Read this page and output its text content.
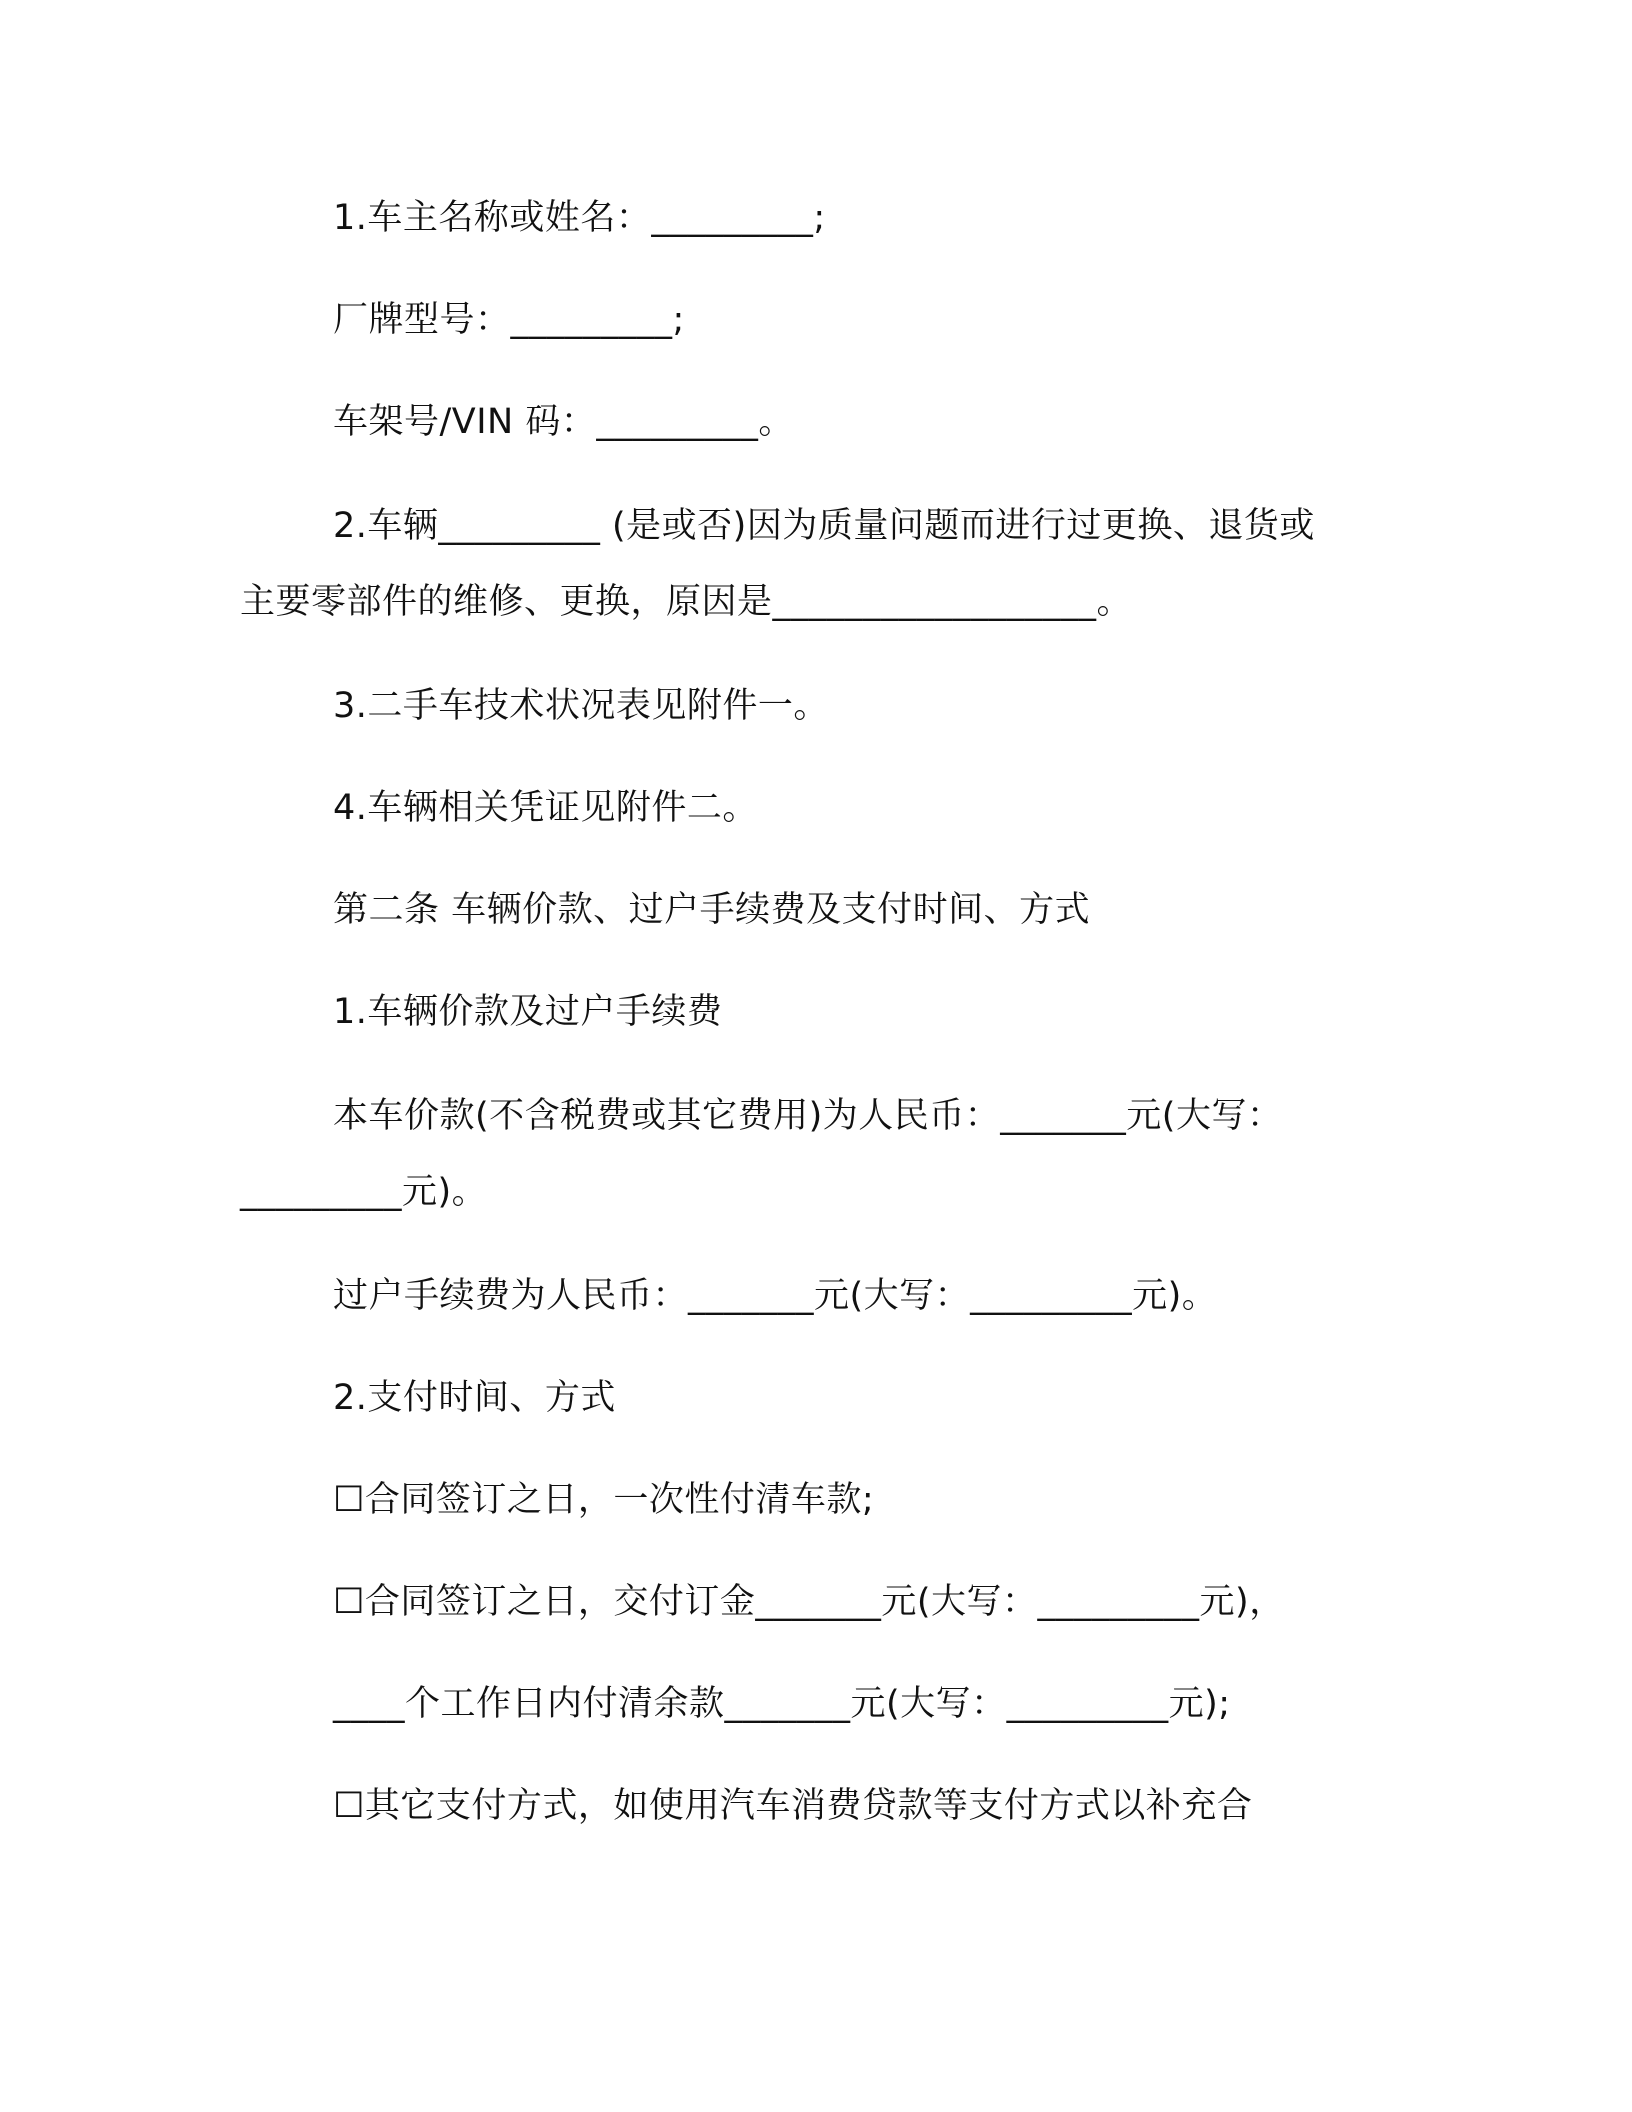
1.车主名称或姓名：_________;
厂牌型号：_________;
车架号/VIN 码：_________。
2.车辆_________ (是或否)因为质量问题而进行过更换、退货或
主要零部件的维修、更换，原因是__________________。
3.二手车技术状况表见附件一。
4.车辆相关凭证见附件二。
第二条 车辆价款、过户手续费及支付时间、方式
1.车辆价款及过户手续费
本车价款(不含税费或其它费用)为人民币：_______元(大写：
_________元)。
过户手续费为人民币：_______元(大写：_________元)。
2.支付时间、方式
☐合同签订之日，一次性付清车款;
☐合同签订之日，交付订金_______元(大写：_________元)，
____个工作日内付清余款_______元(大写：_________元);
☐其它支付方式，如使用汽车消费贷款等支付方式以补充合
